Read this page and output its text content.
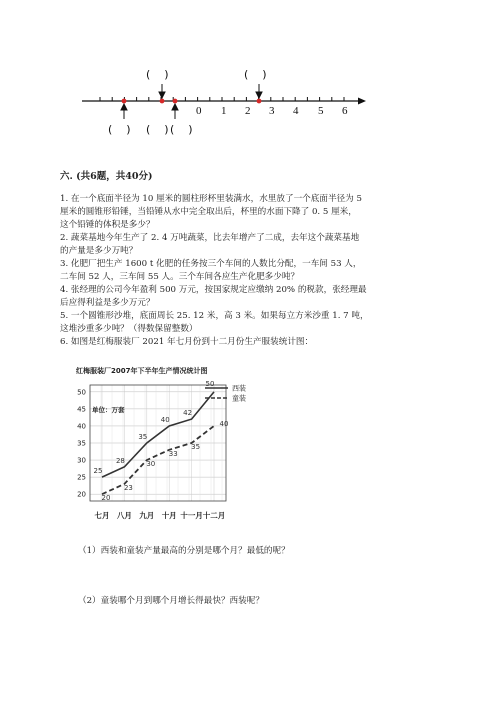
0 1 2 3 4 5 6
(    )	(    )
(    ) (    ) (    )
六. (共6题，共40分)
1. 在一个底面半径为 10 厘米的圆柱形杯里装满水，水里放了一个底面半径为 5
厘米的圆锥形铅锤，当铅锤从水中完全取出后，杯里的水面下降了 0. 5 厘米，
这个铅锤的体积是多少？
2. 蔬菜基地今年生产了 2. 4 万吨蔬菜，比去年增产了二成，去年这个蔬菜基地
的产量是多少万吨？
3. 化肥厂把生产 1600 t 化肥的任务按三个车间的人数比分配，一车间 53 人，
二车间 52 人，三车间 55 人。三个车间各应生产化肥多少吨？
4. 张经理的公司今年盈利 500 万元，按国家规定应缴纳 20% 的税款，张经理最
后应得利益是多少万元？
5. 一个圆锥形沙堆，底面周长 25. 12 米，高 3 米。如果每立方米沙重 1. 7 吨，
这堆沙重多少吨？（得数保留整数）
6. 如图是红梅服装厂 2021 年七月份到十二月份生产服装统计图：
红梅服装厂2007年下半年生产情况统计图
20
25
30
35
40
45
50
七月 八月 九月 十月 十一月 十二月
25
28
35
40
42
50
20
23
30
33
35
40
西装
童装
单位：万套
（1）西装和童装产量最高的分别是哪个月？最低的呢？
（2）童装哪个月到哪个月增长得最快？西装呢？
